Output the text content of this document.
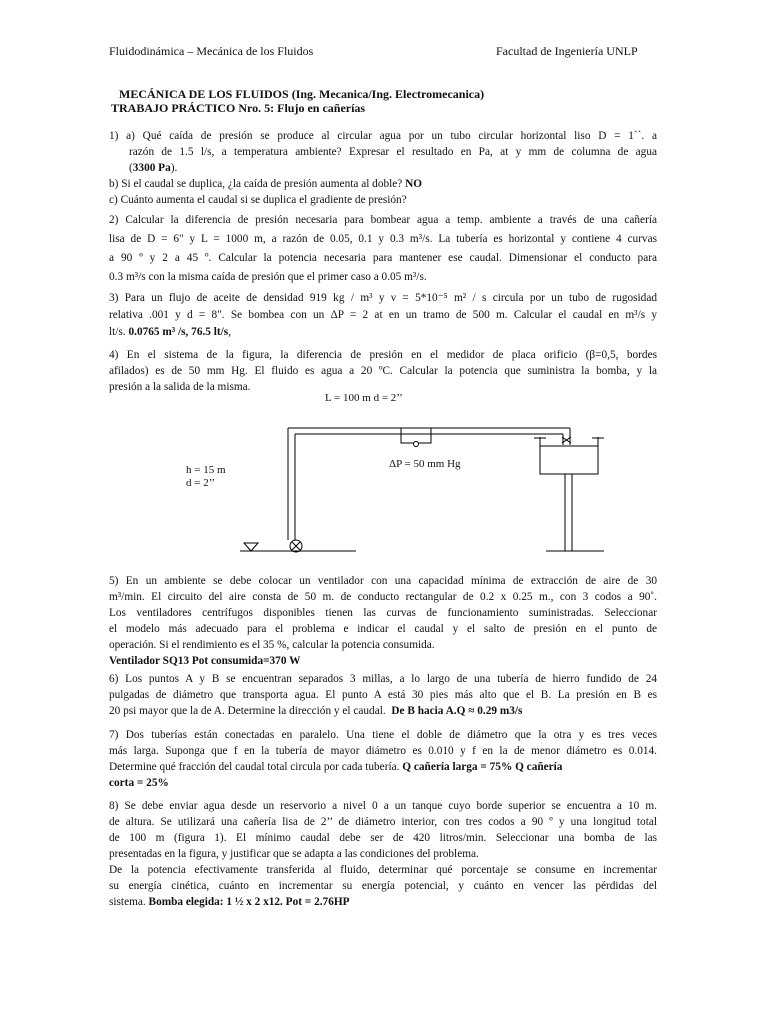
Fluidodinámica – Mecánica de los Fluidos	Facultad de Ingeniería UNLP
MECÁNICA DE LOS FLUIDOS (Ing. Mecanica/Ing. Electromecanica)
TRABAJO PRÁCTICO Nro. 5: Flujo en cañerías
1) a) Qué caída de presión se produce al circular agua por un tubo circular horizontal liso D = 1``. a
razón de 1.5 l/s, a temperatura ambiente? Expresar el resultado en Pa, at y mm de columna de agua
(3300 Pa).
b) Si el caudal se duplica, ¿la caída de presión aumenta al doble? NO
c) Cuánto aumenta el caudal si se duplica el gradiente de presión?
2) Calcular la diferencia de presión necesaria para bombear agua a temp. ambiente a través de una cañería
lisa de D = 6" y L = 1000 m, a razón de 0.05, 0.1 y 0.3 m³/s. La tubería es horizontal y contiene 4 curvas
a 90 º y 2 a 45 º. Calcular la potencia necesaria para mantener ese caudal. Dimensionar el conducto para
0.3 m³/s con la misma caída de presión que el primer caso a 0.05 m³/s.
3) Para un flujo de aceite de densidad 919 kg / m³ y ν = 5*10⁻⁵ m² / s circula por un tubo de rugosidad
relativa .001 y d = 8". Se bombea con un ΔP = 2 at en un tramo de 500 m. Calcular el caudal en m³/s y
lt/s. 0.0765 m³ /s, 76.5 lt/s,
4) En el sistema de la figura, la diferencia de presión en el medidor de placa orificio (β=0,5, bordes
afilados) es de 50 mm Hg. El fluido es agua a 20 ºC. Calcular la potencia que suministra la bomba, y la
presión a la salida de la misma.
L = 100 m d = 2’’
h = 15 m
d = 2’’
ΔP = 50 mm Hg
5) En un ambiente se debe colocar un ventilador con una capacidad mínima de extracción de aire de 30
m³/min. El circuito del aire consta de 50 m. de conducto rectangular de 0.2 x 0.25 m., con 3 codos a 90˚.
Los ventiladores centrífugos disponibles tienen las curvas de funcionamiento suministradas. Seleccionar
el modelo más adecuado para el problema e indicar el caudal y el salto de presión en el punto de
operación. Si el rendimiento es el 35 %, calcular la potencia consumida.
Ventilador SQ13 Pot consumida=370 W
6) Los puntos A y B se encuentran separados 3 millas, a lo largo de una tubería de hierro fundido de 24
pulgadas de diámetro que transporta agua. El punto A está 30 pies más alto que el B. La presión en B es
20 psi mayor que la de A. Determine la dirección y el caudal. De B hacia A.Q ≈ 0.29 m3/s
7) Dos tuberías están conectadas en paralelo. Una tiene el doble de diámetro que la otra y es tres veces
más larga. Suponga que f en la tubería de mayor diámetro es 0.010 y f en la de menor diámetro es 0.014.
Determine qué fracción del caudal total circula por cada tubería. Q cañería larga = 75% Q cañería
corta = 25%
8) Se debe enviar agua desde un reservorio a nivel 0 a un tanque cuyo borde superior se encuentra a 10 m.
de altura. Se utilizará una cañería lisa de 2’’ de diámetro interior, con tres codos a 90 º y una longitud total
de 100 m (figura 1). El mínimo caudal debe ser de 420 litros/min. Seleccionar una bomba de las
presentadas en la figura, y justificar que se adapta a las condiciones del problema.
De la potencia efectivamente transferida al fluido, determinar qué porcentaje se consume en incrementar
su energía cinética, cuánto en incrementar su energía potencial, y cuánto en vencer las pérdidas del
sistema. Bomba elegida: 1 ½ x 2 x12. Pot = 2.76HP
